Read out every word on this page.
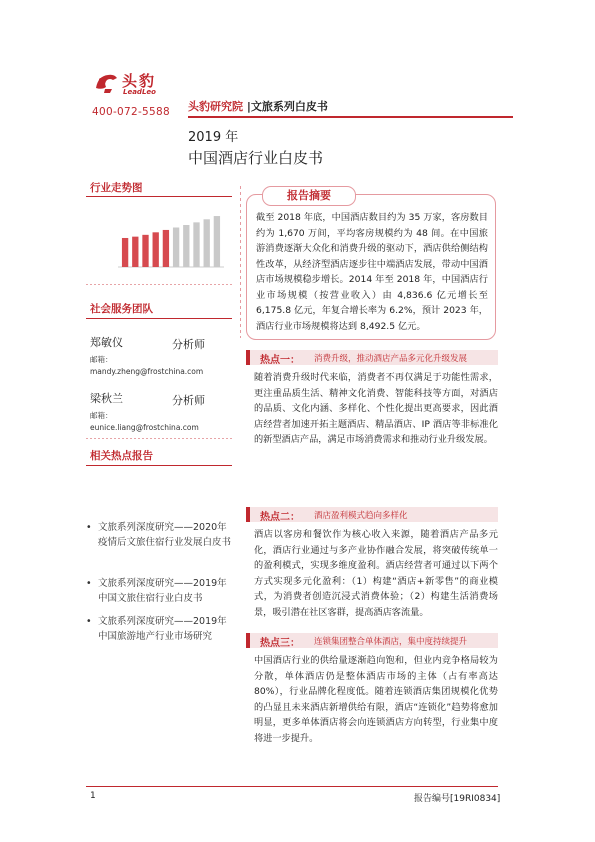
头豹
LeadLeo
400-072-5588 头豹研究院 |文旅系列白皮书
2019 年
中国酒店行业白皮书
行业走势图
社会服务团队
郑敏仪	分析师
邮箱：
mandy.zheng@frostchina.com
梁秋兰	分析师
邮箱：
eunice.liang@frostchina.com
相关热点报告
• 文旅系列深度研究——2020年疫情后文旅住宿行业发展白皮书
• 文旅系列深度研究——2019年中国文旅住宿行业白皮书
• 文旅系列深度研究——2019年中国旅游地产行业市场研究
报告摘要
截至 2018 年底，中国酒店数目约为 35 万家，客房数目约为 1,670 万间，平均客房规模约为 48 间。在中国旅游消费逐渐大众化和消费升级的驱动下，酒店供给侧结构性改革，从经济型酒店逐步往中端酒店发展，带动中国酒店市场规模稳步增长。2014 年至 2018 年，中国酒店行业市场规模（按营业收入）由 4,836.6 亿元增长至 6,175.8 亿元，年复合增长率为 6.2%，预计 2023 年，酒店行业市场规模将达到 8,492.5 亿元。
热点一： 消费升级，推动酒店产品多元化升级发展
随着消费升级时代来临，消费者不再仅满足于功能性需求，更注重品质生活、精神文化消费、智能科技等方面，对酒店的品质、文化内涵、多样化、个性化提出更高要求，因此酒店经营者加速开拓主题酒店、精品酒店、IP 酒店等非标准化的新型酒店产品，满足市场消费需求和推动行业升级发展。
热点二： 酒店盈利模式趋向多样化
酒店以客房和餐饮作为核心收入来源，随着酒店产品多元化，酒店行业通过与多产业协作融合发展，将突破传统单一的盈利模式，实现多维度盈利。酒店经营者可通过以下两个方式实现多元化盈利：（1）构建“酒店+新零售”的商业模式，为消费者创造沉浸式消费体验；（2）构建生活消费场景，吸引潜在社区客群，提高酒店客流量。
热点三： 连锁集团整合单体酒店，集中度持续提升
中国酒店行业的供给量逐渐趋向饱和，但业内竞争格局较为分散，单体酒店仍是整体酒店市场的主体（占有率高达 80%），行业品牌化程度低。随着连锁酒店集团规模化优势的凸显且未来酒店新增供给有限，酒店“连锁化”趋势将愈加明显，更多单体酒店将会向连锁酒店方向转型，行业集中度将进一步提升。
1	报告编号[19RI0834]
